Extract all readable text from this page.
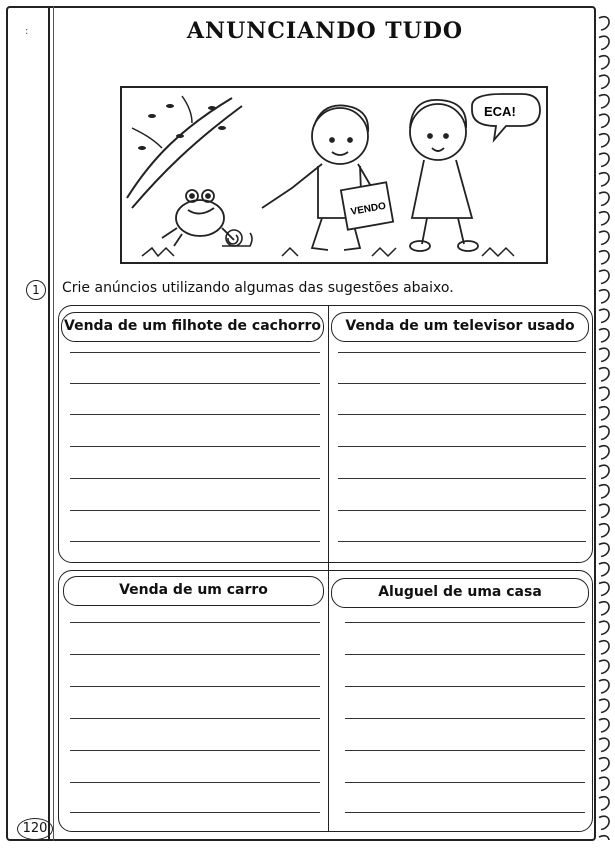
:	ANUNCIANDO TUDO
VENDO
ECA!
1	Crie anúncios utilizando algumas das sugestões abaixo.
Venda de um filhote de cachorro	Venda de um televisor usado
Venda de um carro	Aluguel de uma casa
120
